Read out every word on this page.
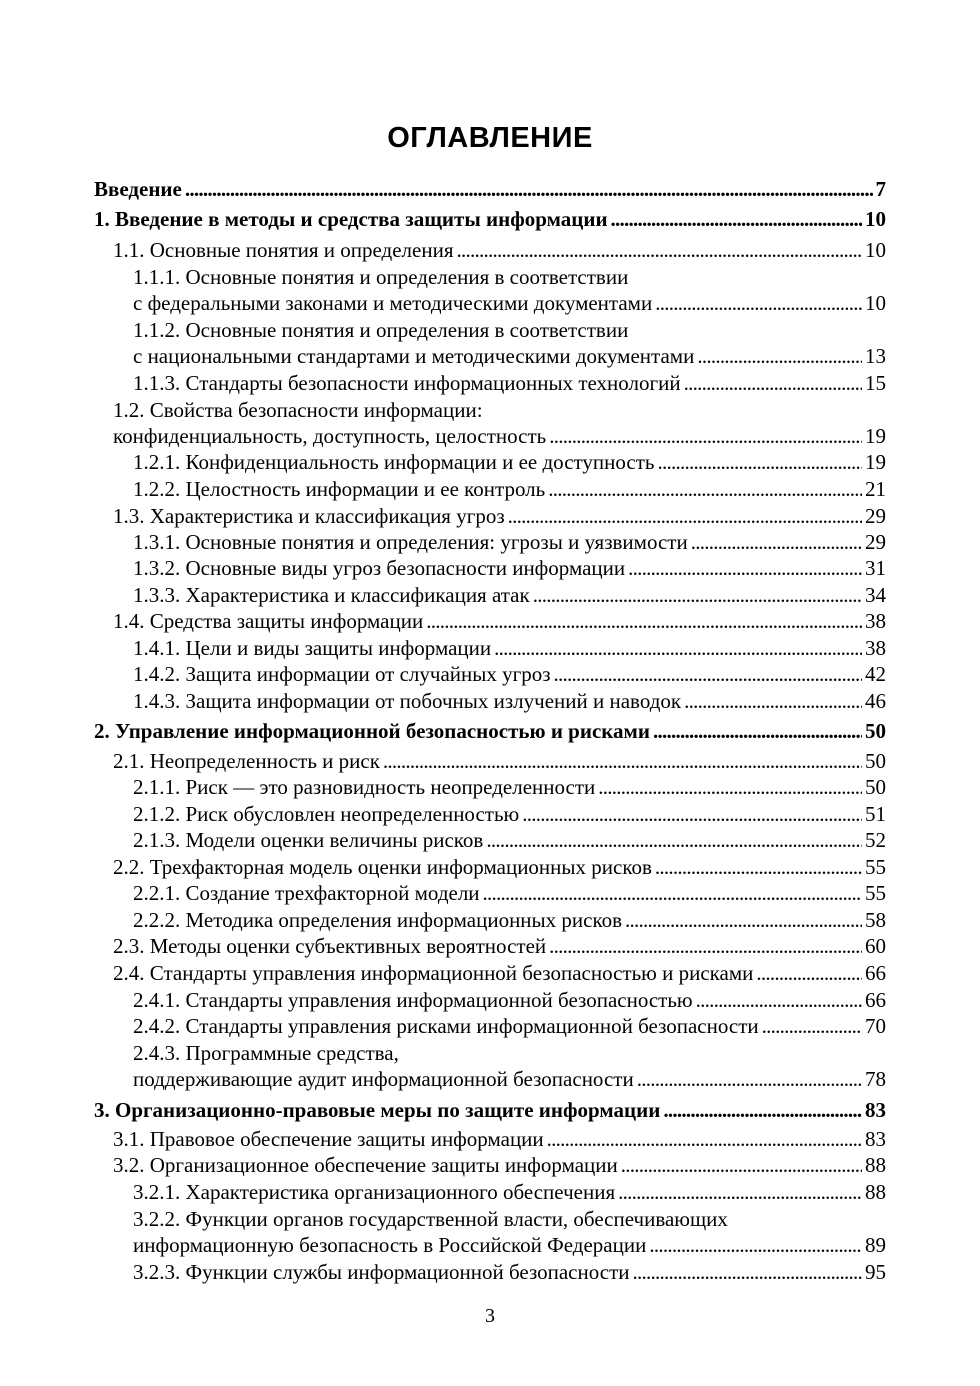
ОГЛАВЛЕНИЕ
Введение . . .	7
1. Введение в методы и средства защиты информации . . .	10
1.1. Основные понятия и определения . . .	10
1.1.1. Основные понятия и определения в соответствии
с федеральными законами и методическими документами . . .	10
1.1.2. Основные понятия и определения в соответствии
с национальными стандартами и методическими документами . . .	13
1.1.3. Стандарты безопасности информационных технологий . . .	15
1.2. Свойства безопасности информации:
конфиденциальность, доступность, целостность . . .	19
1.2.1. Конфиденциальность информации и ее доступность . . .	19
1.2.2. Целостность информации и ее контроль . . .	21
1.3. Характеристика и классификация угроз . . .	29
1.3.1. Основные понятия и определения: угрозы и уязвимости . . .	29
1.3.2. Основные виды угроз безопасности информации . . .	31
1.3.3. Характеристика и классификация атак . . .	34
1.4. Средства защиты информации . . .	38
1.4.1. Цели и виды защиты информации . . .	38
1.4.2. Защита информации от случайных угроз . . .	42
1.4.3. Защита информации от побочных излучений и наводок . . .	46
2. Управление информационной безопасностью и рисками . . .	50
2.1. Неопределенность и риск . . .	50
2.1.1. Риск — это разновидность неопределенности . . .	50
2.1.2. Риск обусловлен неопределенностью . . .	51
2.1.3. Модели оценки величины рисков . . .	52
2.2. Трехфакторная модель оценки информационных рисков . . .	55
2.2.1. Создание трехфакторной модели . . .	55
2.2.2. Методика определения информационных рисков . . .	58
2.3. Методы оценки субъективных вероятностей . . .	60
2.4. Стандарты управления информационной безопасностью и рисками . . .	66
2.4.1. Стандарты управления информационной безопасностью . . .	66
2.4.2. Стандарты управления рисками информационной безопасности . . .	70
2.4.3. Программные средства,
поддерживающие аудит информационной безопасности . . .	78
3. Организационно-правовые меры по защите информации . . .	83
3.1. Правовое обеспечение защиты информации . . .	83
3.2. Организационное обеспечение защиты информации . . .	88
3.2.1. Характеристика организационного обеспечения . . .	88
3.2.2. Функции органов государственной власти, обеспечивающих
информационную безопасность в Российской Федерации . . .	89
3.2.3. Функции службы информационной безопасности . . .	95
3
